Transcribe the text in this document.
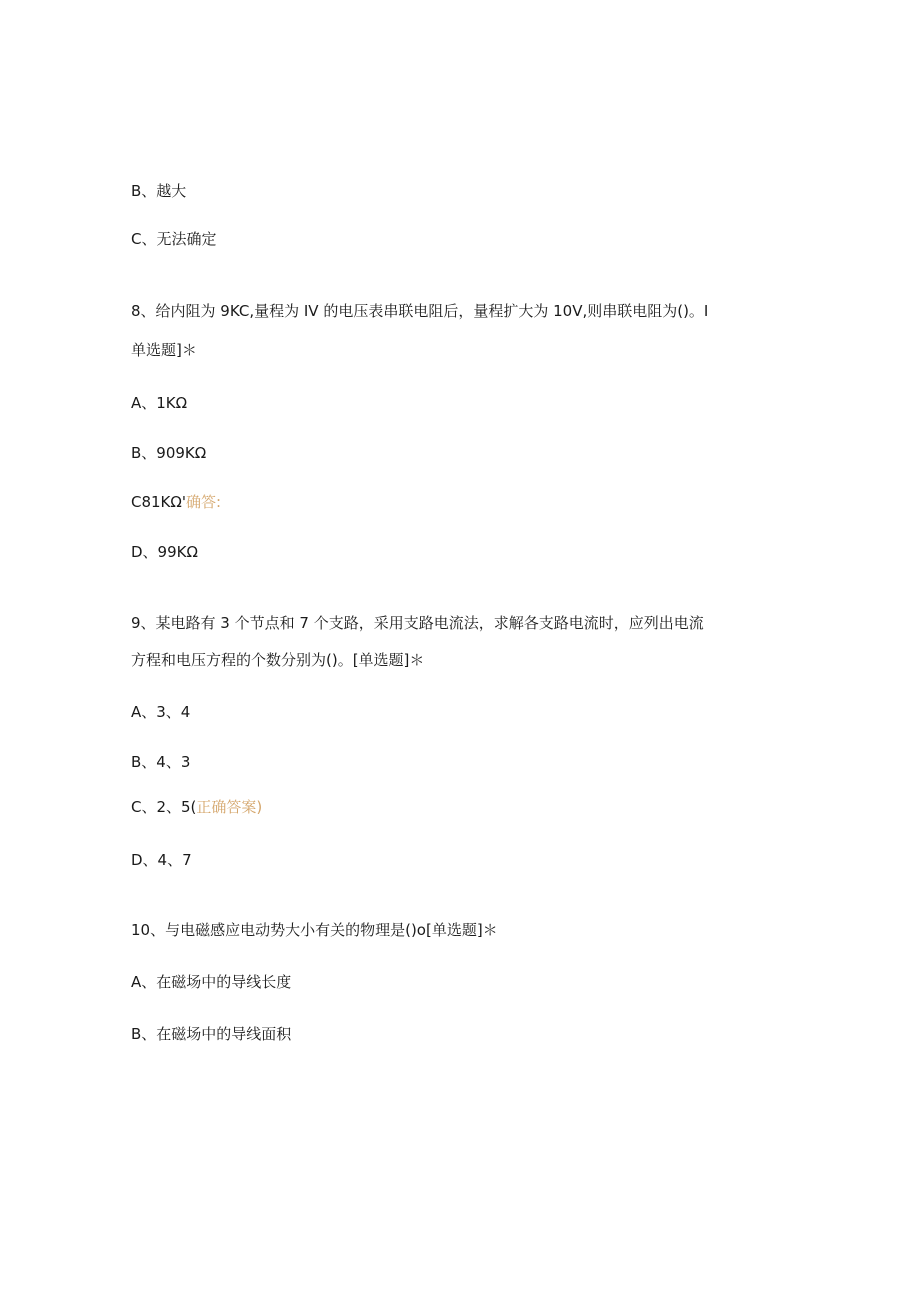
B、越大
C、无法确定
8、给内阻为 9KC,量程为 IV 的电压表串联电阻后，量程扩大为 10V,则串联电阻为()。I
单选题]＊
A、1KΩ
B、909KΩ
C81KΩ'确答:
D、99KΩ
9、某电路有 3 个节点和 7 个支路，采用支路电流法，求解各支路电流时，应列出电流
方程和电压方程的个数分别为()。[单选题]＊
A、3、4
B、4、3
C、2、5(正确答案)
D、4、7
10、与电磁感应电动势大小有关的物理是()o[单选题]＊
A、在磁场中的导线长度
B、在磁场中的导线面积
